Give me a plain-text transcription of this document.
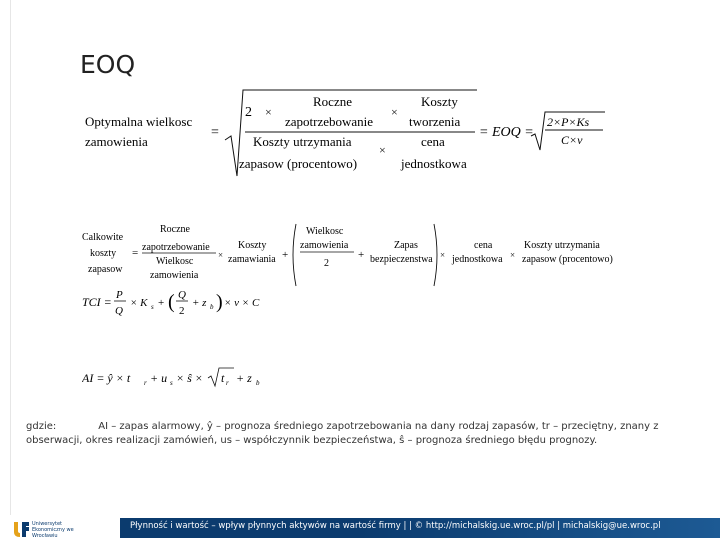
EOQ
Optymalna wielkosc
zamowienia
=
2 ×
Roczne
zapotrzebowanie
×
Koszty
tworzenia
Koszty utrzymania
zapasow (procentowo)
×
cena
jednostkowa
= EOQ =
2×P×Ks
C×v
Calkowite
koszty
zapasow
=
Roczne
zapotrzebowanie
Wielkosc
zamowienia
×
Koszty
zamawiania +
Wielkosc
zamowienia
2
+
Zapas
bezpieczenstwa ×
cena
jednostkowa ×
Koszty utrzymania
zapasow (procentowo)
TCI = P
Q
× K s + ( Q
2
+ z b ) × v × C
TCI = P/Q × Ks + (Q/2 + zb) × v × C
AI = ŷ × t r + u s × ŝ × t r + z b
AI = ŷ × tr + us × ŝ × √tr + zb
gdzie:	AI – zapas alarmowy, ŷ – prognoza średniego zapotrzebowania na dany rodzaj zapasów, tr – przeciętny, znany z
obserwacji, okres realizacji zamówień, us – współczynnik bezpieczeństwa, ŝ – prognoza średniego błędu prognozy.
Uniwersytet Ekonomiczny we Wrocławiu
Płynność i wartość – wpływ płynnych aktywów na wartość firmy | | © http://michalskig.ue.wroc.pl/pl | michalskig@ue.wroc.pl
